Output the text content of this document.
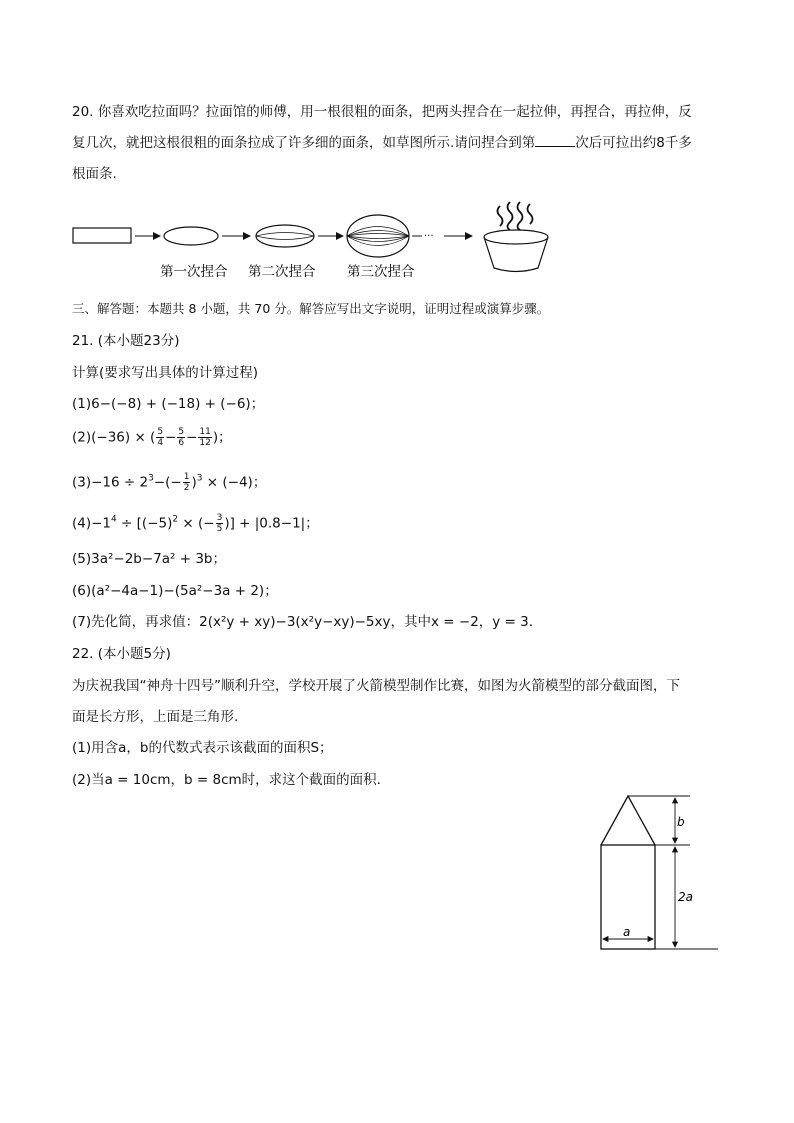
20. 你喜欢吃拉面吗？拉面馆的师傅，用一根很粗的面条，把两头捏合在一起拉伸，再捏合，再拉伸，反
复几次，就把这根很粗的面条拉成了许多细的面条，如草图所示.请问捏合到第	次后可拉出约8千多
根面条.
···
第一次捏合 第二次捏合 第三次捏合
三、解答题：本题共 8 小题，共 70 分。解答应写出文字说明，证明过程或演算步骤。
21. (本小题23分)
计算(要求写出具体的计算过程)
(1)6−(−8) + (−18) + (−6)；
(2)(−36) × ( $\frac{5}{4} - \frac{5}{6} - \frac{11}{12}$ )；
$(3)-16 \div 2^3-(- \frac{1}{2} )^3 \times (-4)$；
$(4)-1^4 \div [(-5)^2$ × (− $\frac{3}{5}$ )] + |0.8−1|；
(5)3a²−2b−7a² + 3b；
(6)(a²−4a−1)−(5a²−3a + 2)；
(7)先化简，再求值：2(x²y + xy)−3(x²y−xy)−5xy，其中x = −2，y = 3.
22. (本小题5分)
为庆祝我国“神舟十四号”顺利升空，学校开展了火箭模型制作比赛，如图为火箭模型的部分截面图，下
面是长方形，上面是三角形.
(1)用含a，b的代数式表示该截面的面积S；
(2)当a = 10cm，b = 8cm时，求这个截面的面积.
b
2a
a
